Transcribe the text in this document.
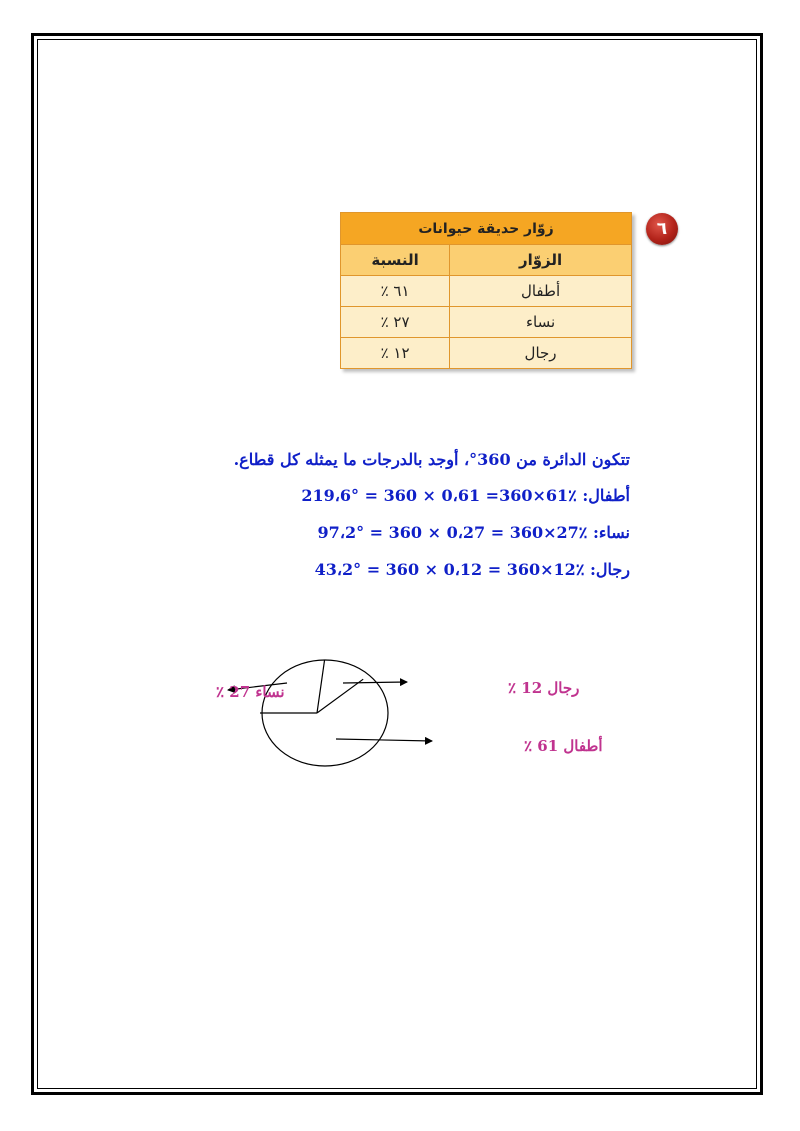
٦
زوّار حديقة حيوانات	
الزوّار	النسبة
أطفال	٦١ ٪
نساء	٢٧ ٪
رجال	١٢ ٪
تتكون الدائرة من 360°، أوجد بالدرجات ما يمثله كل قطاع.
أطفال: 61٪×360= 0،61 × 360 = 219،6°
نساء: 27٪×360 = 0،27 × 360 = 97،2°
رجال: 12٪×360 = 0،12 × 360 = 43،2°
نساء 27 ٪	رجال 12 ٪
أطفال 61 ٪
